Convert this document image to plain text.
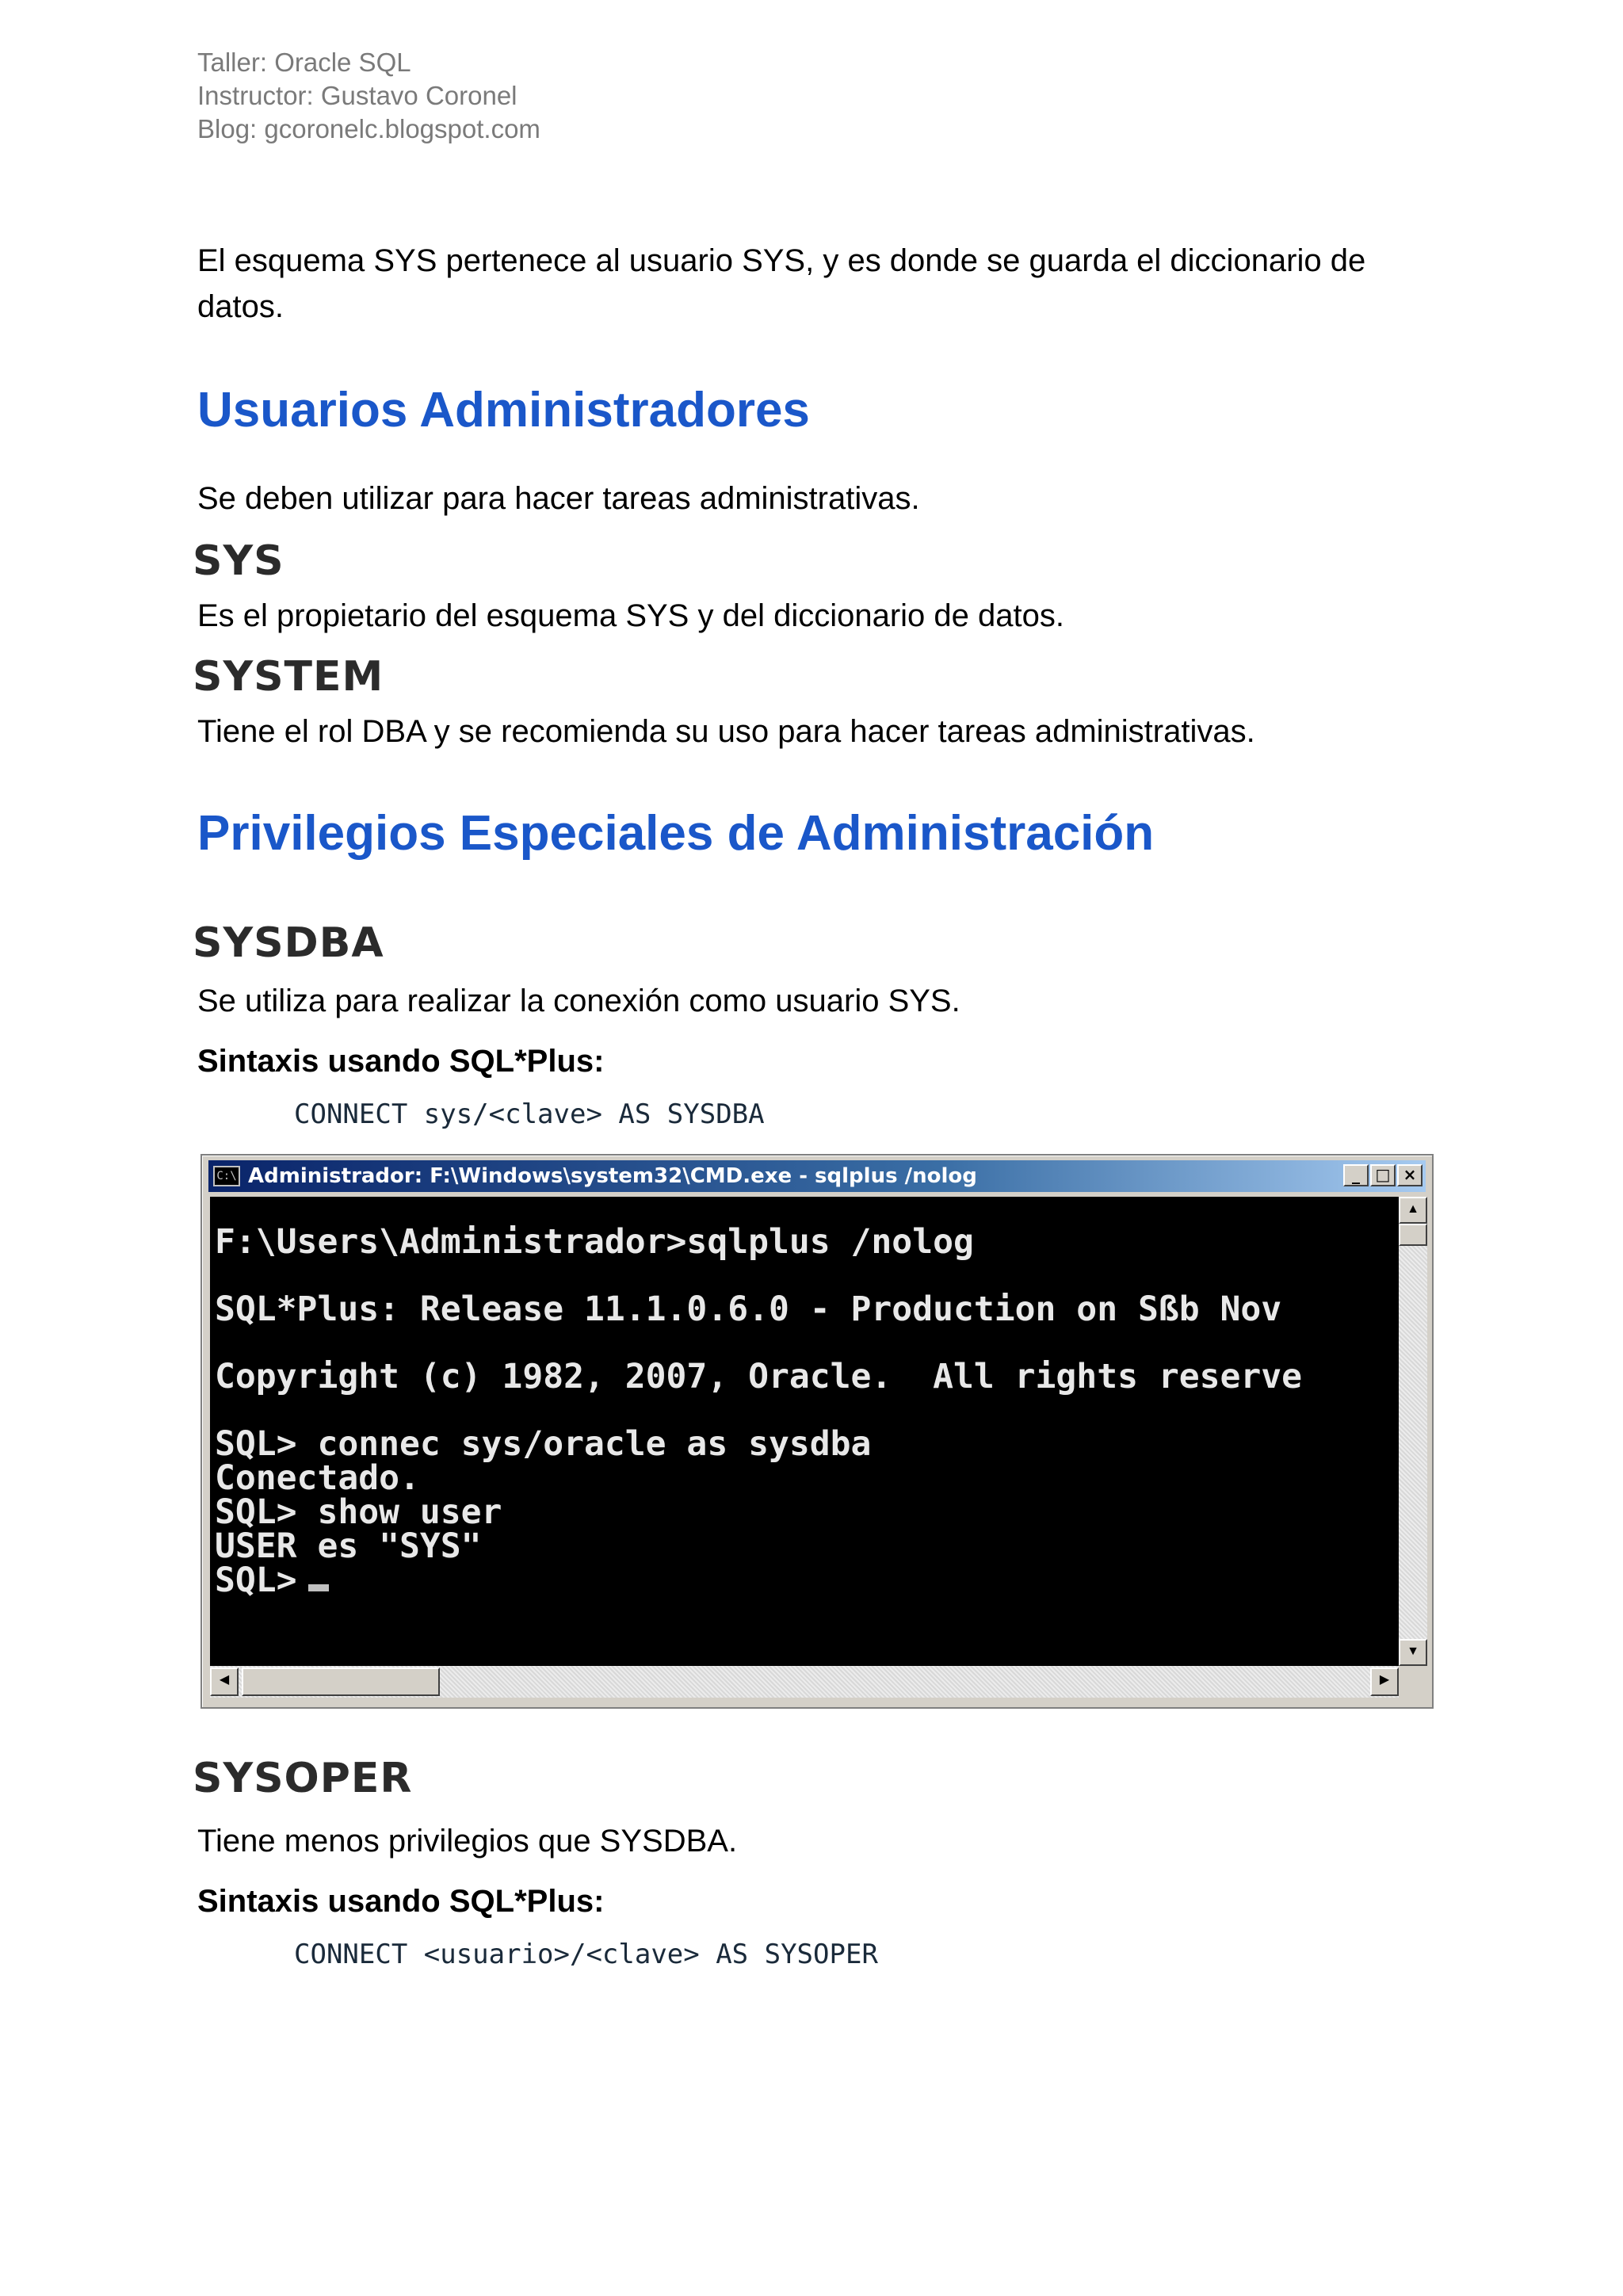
Taller: Oracle SQL
Instructor: Gustavo Coronel
Blog: gcoronelc.blogspot.com

El esquema SYS pertenece al usuario SYS, y es donde se guarda el diccionario de datos.

Usuarios Administradores

Se deben utilizar para hacer tareas administrativas.

SYS

Es el propietario del esquema SYS y del diccionario de datos.

SYSTEM

Tiene el rol DBA y se recomienda su uso para hacer tareas administrativas.

Privilegios Especiales de Administración
SYSDBA

Se utiliza para realizar la conexión como usuario SYS.

Sintaxis usando SQL*Plus:

CONNECT sys/<clave> AS SYSDBA

C:\ Administrador: F:\Windows\system32\CMD.exe - sqlplus /nolog	_ □ ×
F:\Users\Administrador>sqlplus /nolog
SQL*Plus: Release 11.1.0.6.0 - Production on Sßb Nov
Copyright (c) 1982, 2007, Oracle.  All rights reserve
SQL> connec sys/oracle as sysdba
Conectado.
SQL> show user
USER es "SYS"
SQL>
▲
▼
◀	▶
SYSOPER

Tiene menos privilegios que SYSDBA.

Sintaxis usando SQL*Plus:

CONNECT <usuario>/<clave> AS SYSOPER
